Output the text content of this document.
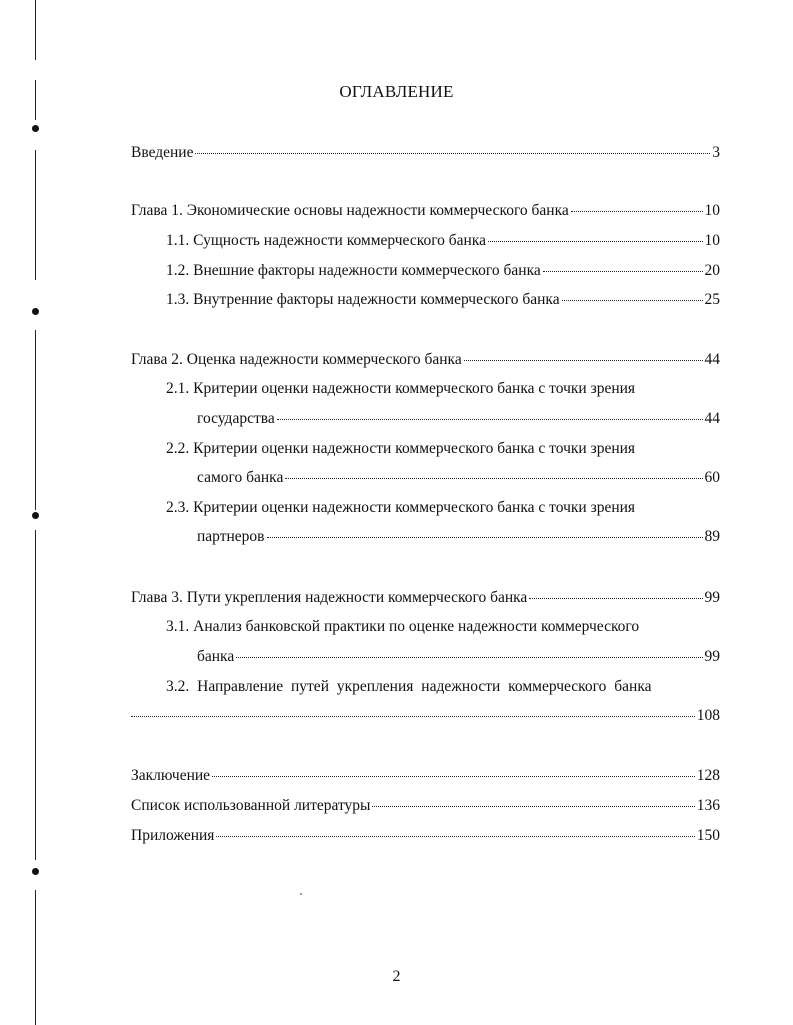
ОГЛАВЛЕНИЕ
Введение	3
Глава 1. Экономические основы надежности коммерческого банка	10
1.1. Сущность надежности коммерческого банка	10
1.2. Внешние факторы надежности коммерческого банка	20
1.3. Внутренние факторы надежности коммерческого банка	25
Глава 2. Оценка надежности коммерческого банка	44
2.1. Критерии оценки надежности коммерческого банка с точки зрения
государства	44
2.2. Критерии оценки надежности коммерческого банка с точки зрения
самого банка	60
2.3. Критерии оценки надежности коммерческого банка с точки зрения
партнеров	89
Глава 3. Пути укрепления надежности коммерческого банка	99
3.1. Анализ банковской практики по оценке надежности коммерческого
банка	99
3.2. Направление путей укрепления надежности коммерческого банка
108
Заключение	128
Список использованной литературы	136
Приложения	150
2
